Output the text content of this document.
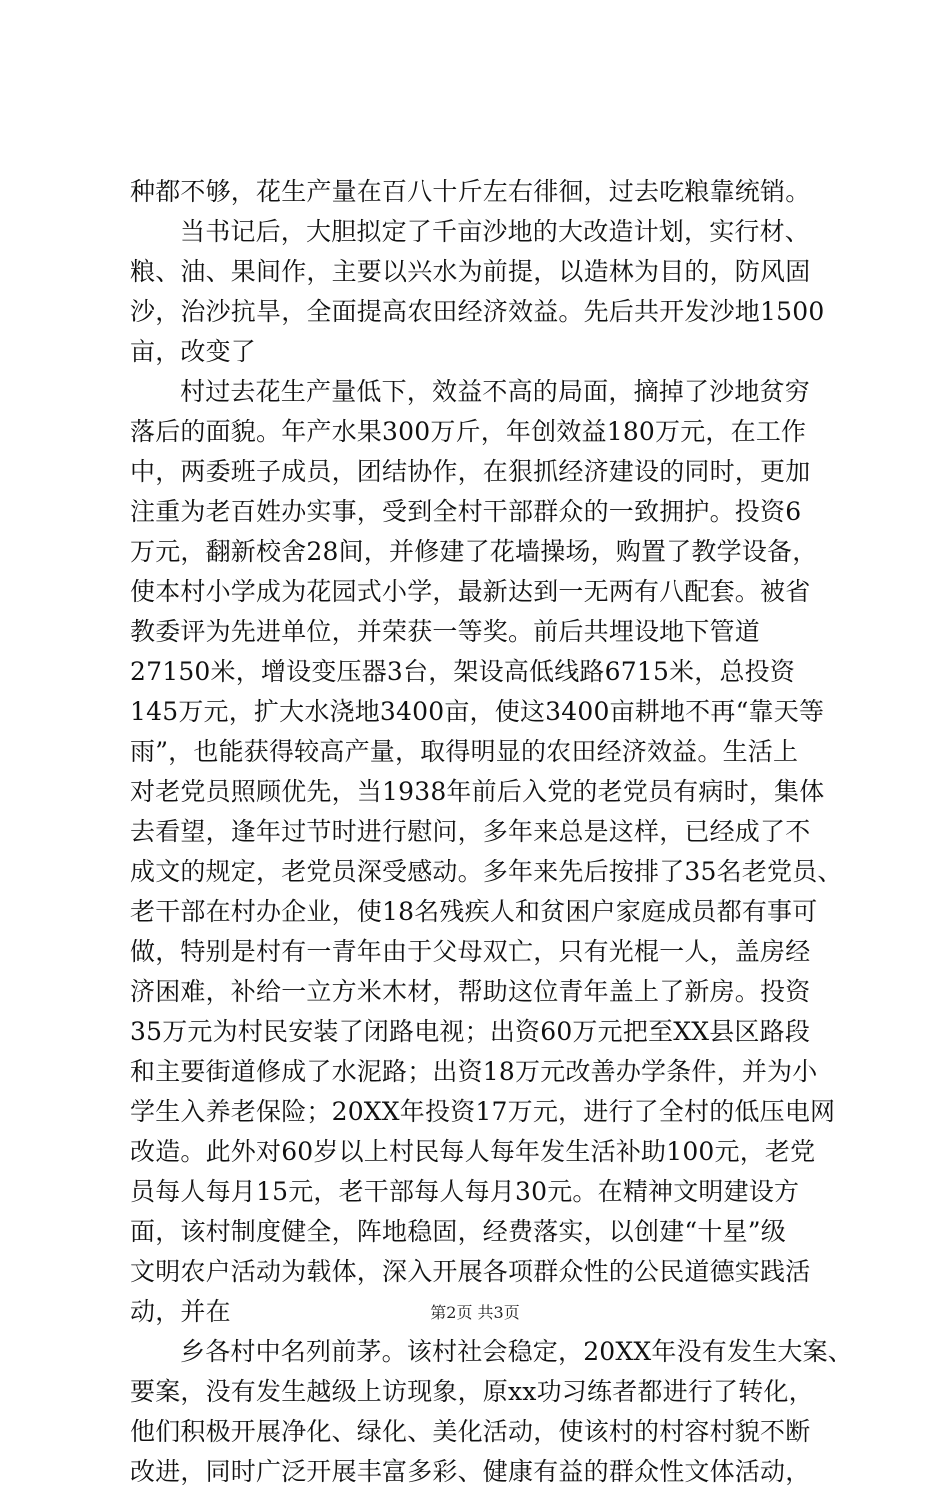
种都不够，花生产量在百八十斤左右徘徊，过去吃粮靠统销。
当书记后，大胆拟定了千亩沙地的大改造计划，实行材、
粮、油、果间作，主要以兴水为前提，以造林为目的，防风固
沙，治沙抗旱，全面提高农田经济效益。先后共开发沙地1500
亩，改变了
村过去花生产量低下，效益不高的局面，摘掉了沙地贫穷
落后的面貌。年产水果300万斤，年创效益180万元，在工作
中，两委班子成员，团结协作，在狠抓经济建设的同时，更加
注重为老百姓办实事，受到全村干部群众的一致拥护。投资6
万元，翻新校舍28间，并修建了花墙操场，购置了教学设备，
使本村小学成为花园式小学，最新达到一无两有八配套。被省
教委评为先进单位，并荣获一等奖。前后共埋设地下管道
27150米，增设变压器3台，架设高低线路6715米，总投资
145万元，扩大水浇地3400亩，使这3400亩耕地不再“靠天等
雨”，也能获得较高产量，取得明显的农田经济效益。生活上
对老党员照顾优先，当1938年前后入党的老党员有病时，集体
去看望，逢年过节时进行慰问，多年来总是这样，已经成了不
成文的规定，老党员深受感动。多年来先后按排了35名老党员、
老干部在村办企业，使18名残疾人和贫困户家庭成员都有事可
做，特别是村有一青年由于父母双亡，只有光棍一人，盖房经
济困难，补给一立方米木材，帮助这位青年盖上了新房。投资
35万元为村民安装了闭路电视；出资60万元把至XX县区路段
和主要街道修成了水泥路；出资18万元改善办学条件，并为小
学生入养老保险；20XX年投资17万元，进行了全村的低压电网
改造。此外对60岁以上村民每人每年发生活补助100元，老党
员每人每月15元，老干部每人每月30元。在精神文明建设方
面，该村制度健全，阵地稳固，经费落实，以创建“十星”级
文明农户活动为载体，深入开展各项群众性的公民道德实践活
动，并在
乡各村中名列前茅。该村社会稳定，20XX年没有发生大案、
要案，没有发生越级上访现象，原xx功习练者都进行了转化，
他们积极开展净化、绿化、美化活动，使该村的村容村貌不断
改进，同时广泛开展丰富多彩、健康有益的群众性文体活动，
第2页 共3页
